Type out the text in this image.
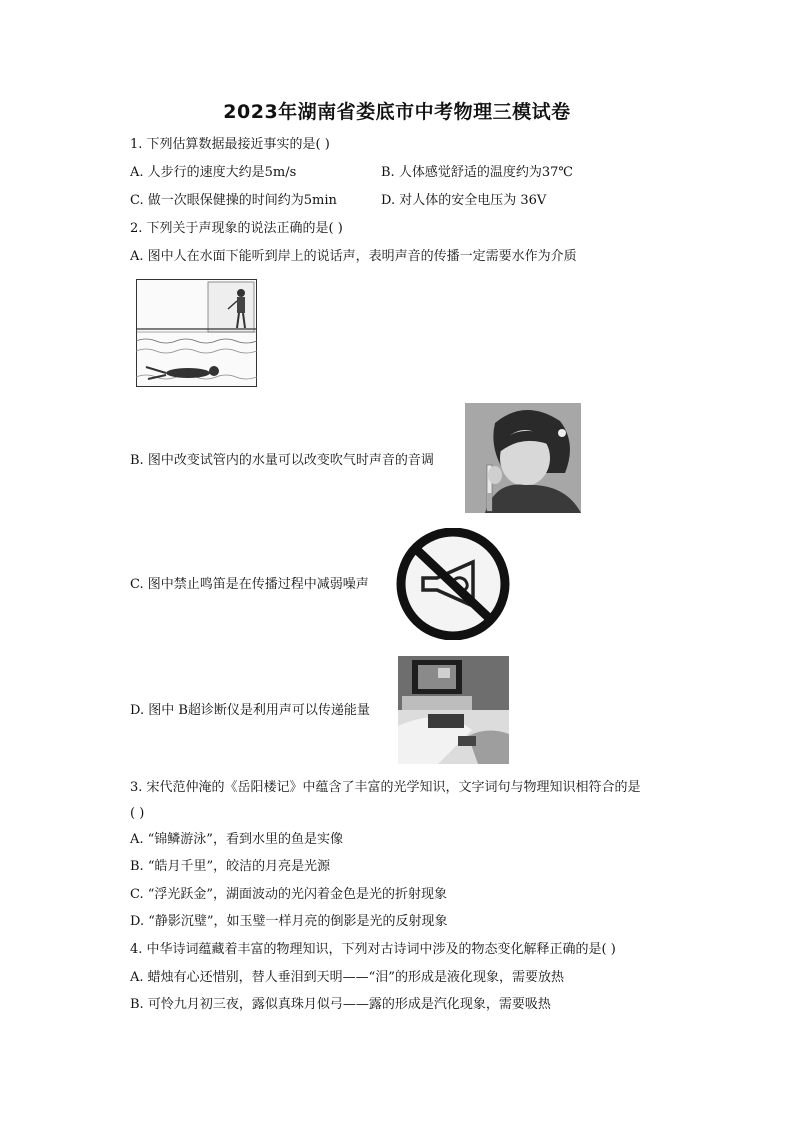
2023年湖南省娄底市中考物理三模试卷
1. 下列估算数据最接近事实的是( )
A. 人步行的速度大约是5m/s	B. 人体感觉舒适的温度约为37℃
C. 做一次眼保健操的时间约为5min	D. 对人体的安全电压为 36V
2. 下列关于声现象的说法正确的是( )
A. 图中人在水面下能听到岸上的说话声，表明声音的传播一定需要水作为介质
B. 图中改变试管内的水量可以改变吹气时声音的音调
C. 图中禁止鸣笛是在传播过程中减弱噪声
D. 图中 B超诊断仪是利用声可以传递能量
3. 宋代范仲淹的《岳阳楼记》中蕴含了丰富的光学知识，文字词句与物理知识相符合的是
( )
A. “锦鳞游泳”，看到水里的鱼是实像
B. “皓月千里”，皎洁的月亮是光源
C. “浮光跃金”，湖面波动的光闪着金色是光的折射现象
D. “静影沉璧”，如玉璧一样月亮的倒影是光的反射现象
4. 中华诗词蕴藏着丰富的物理知识，下列对古诗词中涉及的物态变化解释正确的是( )
A. 蜡烛有心还惜别，替人垂泪到天明——“泪”的形成是液化现象，需要放热
B. 可怜九月初三夜，露似真珠月似弓——露的形成是汽化现象，需要吸热
